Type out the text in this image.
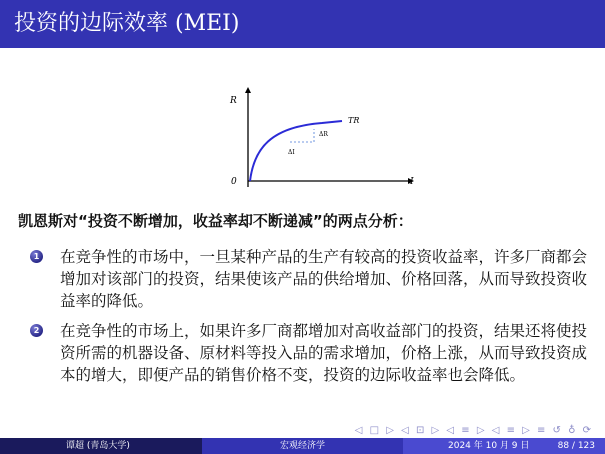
投资的边际效率 (MEI)
R
I
0
TR
ΔR
ΔI
凯恩斯对“投资不断增加，收益率却不断递减”的两点分析：
1 在竞争性的市场中，一旦某种产品的生产有较高的投资收益率，许多厂商都会增加对该部门的投资，结果使该产品的供给增加、价格回落，从而导致投资收益率的降低。
2 在竞争性的市场上，如果许多厂商都增加对高收益部门的投资，结果还将使投资所需的机器设备、原材料等投入品的需求增加，价格上涨，从而导致投资成本的增大，即便产品的销售价格不变，投资的边际收益率也会降低。
◁ □ ▷ ◁ ⊡ ▷ ◁ ≡ ▷ ◁ ≡ ▷ ≡ ↺ ♁ ⟳
谭超 (青岛大学)	宏观经济学	2024 年 10 月 9 日	88 / 123
